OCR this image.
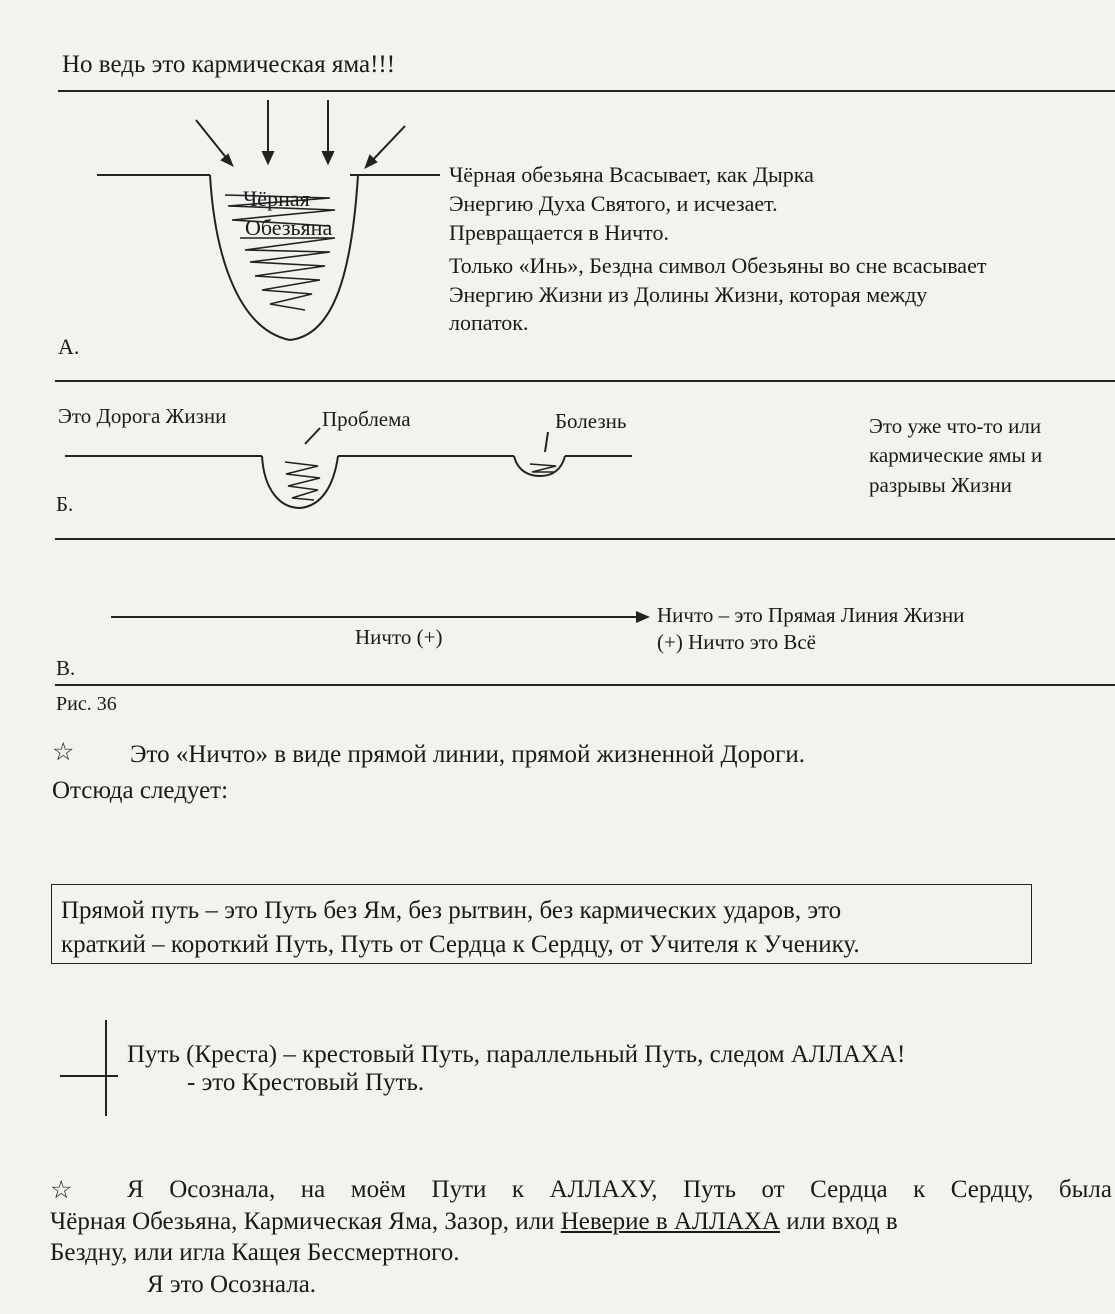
Но ведь это кармическая яма!!!
Чёрная
Обезьяна
Чёрная обезьяна Всасывает, как Дырка
Энергию Духа Святого, и исчезает.
Превращается в Ничто.
Только «Инь», Бездна символ Обезьяны во сне всасывает
Энергию Жизни из Долины Жизни, которая между
лопаток.
А.
Это Дорога Жизни	Проблема	Болезнь	Это уже что-то или
кармические ямы и
разрывы Жизни
Б.
Ничто (+)
Ничто – это Прямая Линия Жизни
(+) Ничто это Всё
В.
Рис. 36
☆ Это «Ничто» в виде прямой линии, прямой жизненной Дороги.
Отсюда следует:
Прямой путь – это Путь без Ям, без рытвин, без кармических ударов, это
краткий – короткий Путь, Путь от Сердца к Сердцу, от Учителя к Ученику.
Путь (Креста) – крестовый Путь, параллельный Путь, следом АЛЛАХА!
- это Крестовый Путь.
☆ Я Осознала, на моём Пути к АЛЛАХУ, Путь от Сердца к Сердцу, была
Чёрная Обезьяна, Кармическая Яма, Зазор, или Неверие в АЛЛАХА или вход в
Бездну, или игла Кащея Бессмертного.
Я это Осознала.
